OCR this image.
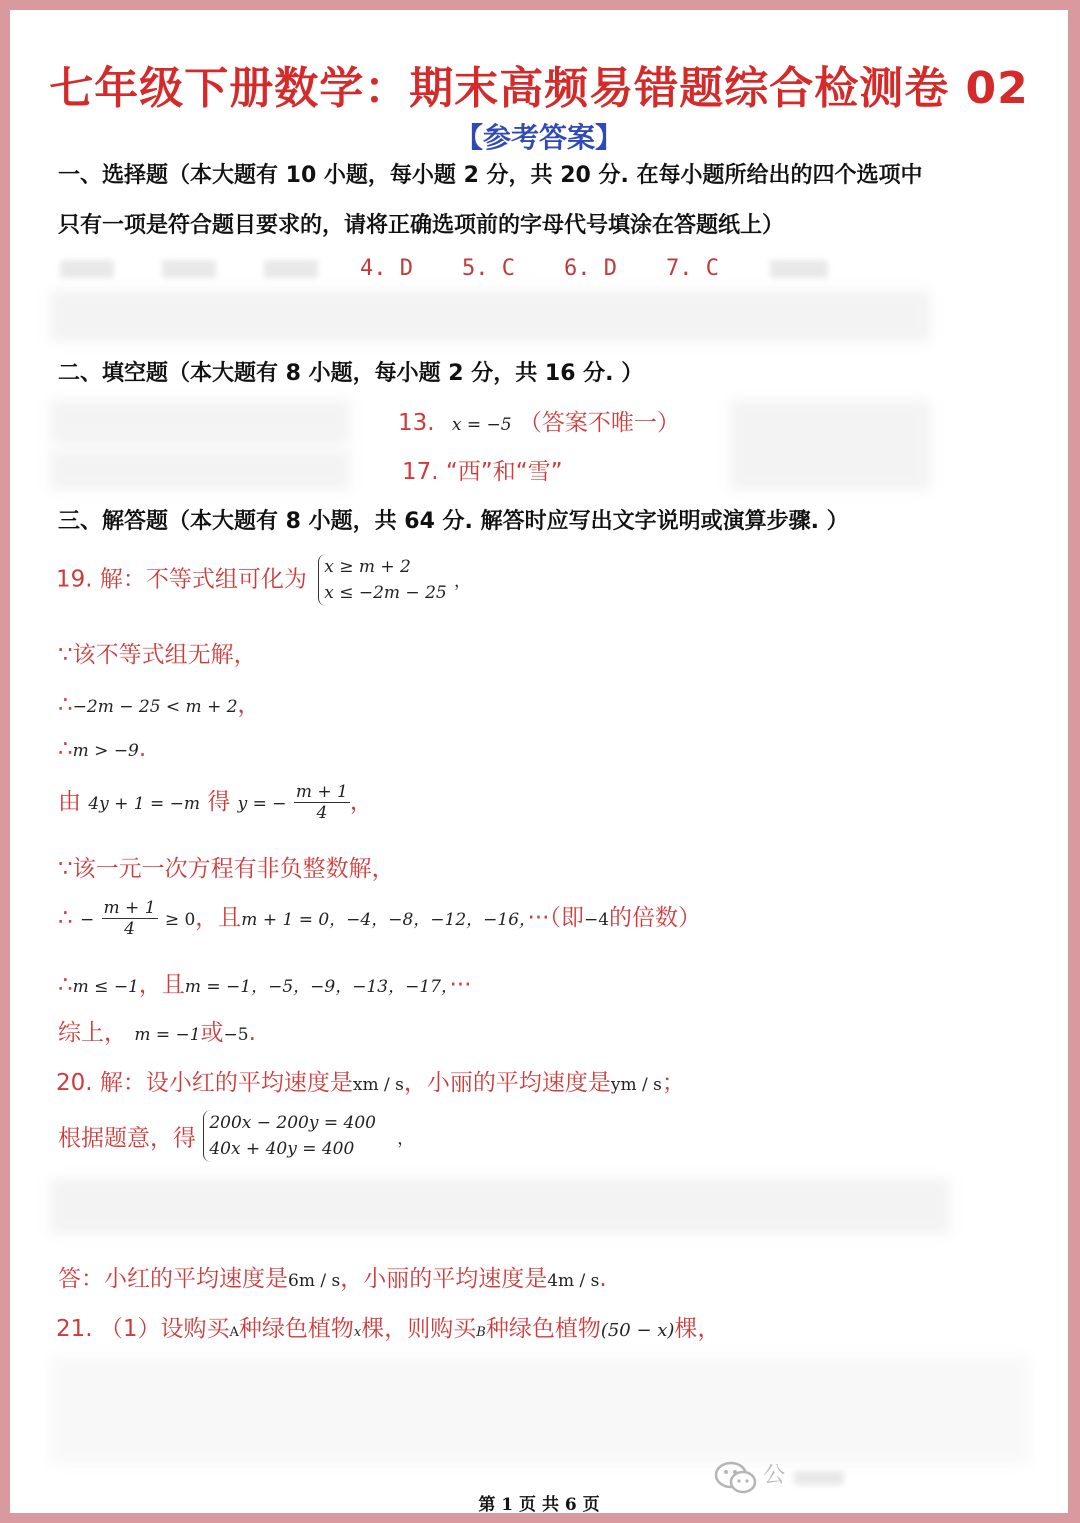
七年级下册数学：期末高频易错题综合检测卷 02
【参考答案】
一、选择题（本大题有 10 小题，每小题 2 分，共 20 分. 在每小题所给出的四个选项中
只有一项是符合题目要求的，请将正确选项前的字母代号填涂在答题纸上）
4. D 5. C 6. D 7. C
二、填空题（本大题有 8 小题，每小题 2 分，共 16 分. ）
13. x = −5 （答案不唯一）
17. “西”和“雪”
三、解答题（本大题有 8 小题，共 64 分. 解答时应写出文字说明或演算步骤. ）
19. 解：不等式组可化为 x ≥ m + 2
x ≤ −2m − 25
，
∵该不等式组无解，
∴−2m − 25 < m + 2，
∴m > −9.
由 4y + 1 = −m 得 y = − $\frac{m + 1}{4}$ ，
∵该一元一次方程有非负整数解，
∴ − $\frac{m + 1}{4} \ge 0$，且m + 1 = 0，−4，−8，−12，−16，···（即−4的倍数）
∴m ≤ −1，且m = −1，−5，−9，−13，−17，···
综上， m = −1或−5.
20. 解：设小红的平均速度是xm / s，小丽的平均速度是ym / s；
根据题意，得
200x − 200y = 400
40x + 40y = 400
，
答：小红的平均速度是6m / s，小丽的平均速度是4m / s.
21. （1）设购买A种绿色植物x棵，则购买B种绿色植物(50 − x)棵，
公
第 1 页 共 6 页
